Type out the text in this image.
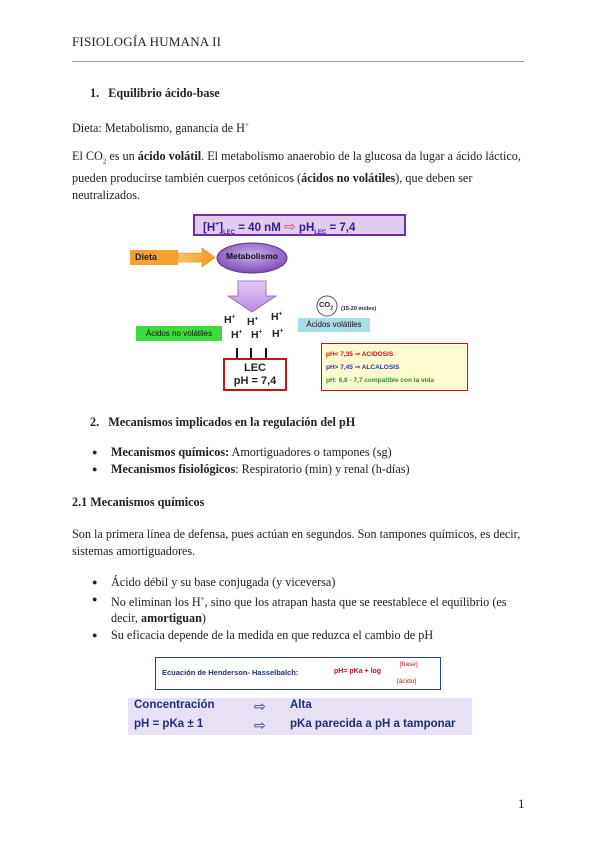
FISIOLOGÍA HUMANA II
1.   Equilibrio ácido-base
Dieta: Metabolismo, ganancia de H+
El $CO_2$ es un ácido volátil. El metabolismo anaerobio de la glucosa da lugar a ácido láctico, pueden producirse también cuerpos cetónicos (ácidos no volátiles), que deben ser neutralizados.
$[H^+]_{LEC} = 40$ nM ⇨ $pH_{LEC} = 7,4$
Dieta	Metabolismo
H+ H+ H+
H+ H+ H+
Ácidos no volátiles
$CO_2$ (15-20 moles)
Ácidos volátiles
LEC
pH = 7,4
pH< 7,35 ⇒ ACIDOSIS
pH> 7,45 ⇒ ALCALOSIS
pH: 6,8 - 7,7 compatible con la vida
2.   Mecanismos implicados en la regulación del pH
● Mecanismos químicos: Amortiguadores o tampones (sg)
● Mecanismos fisiológicos: Respiratorio (min) y renal (h-días)
2.1 Mecanismos químicos
Son la primera línea de defensa, pues actúan en segundos. Son tampones químicos, es decir, sistemas amortiguadores.
● Ácido débil y su base conjugada (y viceversa)
● No eliminan los H+, sino que los atrapan hasta que se reestablece el equilibrio (es decir, amortiguan)
● Su eficacia depende de la medida en que reduzca el cambio de pH
Ecuación de Henderson- Hasselbalch:	pH= pKa + log
[base]
[ácido]
Concentración	⇨ Alta
pH = pKa ± 1	⇨ pKa parecida a pH a tamponar
1
